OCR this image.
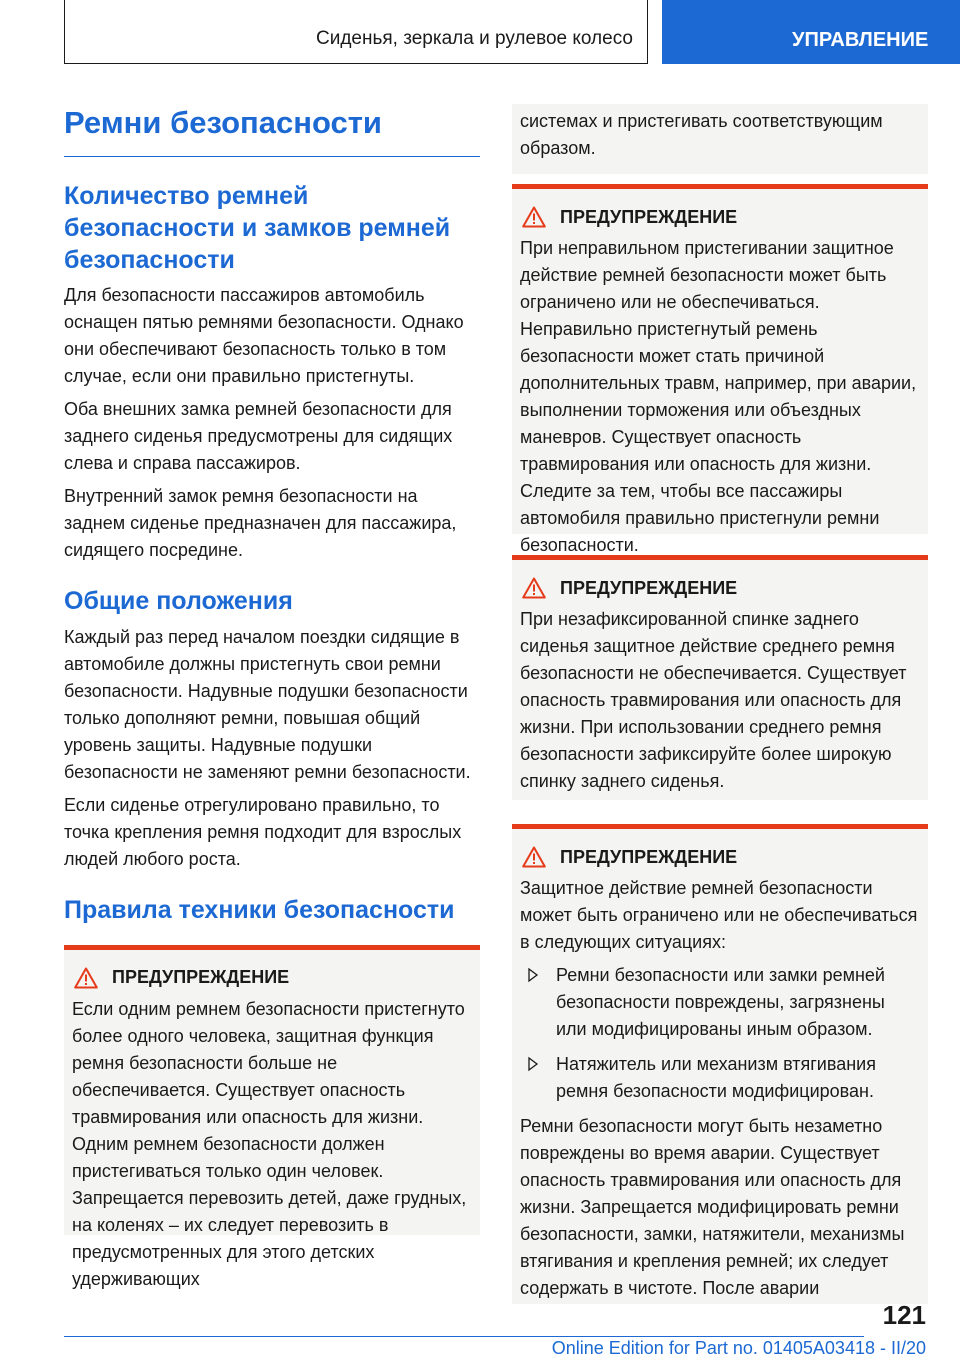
Сиденья, зеркала и рулевое колесо	УПРАВЛЕНИЕ
Ремни безопасности
Количество ремней безопасности и замков ремней безопасности

Для безопасности пассажиров автомобиль оснащен пятью ремнями безопасности. Однако они обеспечивают безопасность только в том случае, если они правильно пристегнуты.

Оба внешних замка ремней безопасности для заднего сиденья предусмотрены для сидящих слева и справа пассажиров.

Внутренний замок ремня безопасности на заднем сиденье предназначен для пассажира, сидящего посредине.

Общие положения

Каждый раз перед началом поездки сидящие в автомобиле должны пристегнуть свои ремни безопасности. Надувные подушки безопасности только дополняют ремни, повышая общий уровень защиты. Надувные подушки безопасности не заменяют ремни безопасности.

Если сиденье отрегулировано правильно, то точка крепления ремня подходит для взрослых людей любого роста.

Правила техники безопасности
ПРЕДУПРЕЖДЕНИЕ

Если одним ремнем безопасности пристегнуто более одного человека, защитная функция ремня безопасности больше не обеспечивается. Существует опасность травмирования или опасность для жизни. Одним ремнем безопасности должен пристегиваться только один человек. Запрещается перевозить детей, даже грудных, на коленях – их следует перевозить в предусмотренных для этого детских удерживающих

системах и пристегивать соответствующим образом.

ПРЕДУПРЕЖДЕНИЕ

При неправильном пристегивании защитное действие ремней безопасности может быть ограничено или не обеспечиваться. Неправильно пристегнутый ремень безопасности может стать причиной дополнительных травм, например, при аварии, выполнении торможения или объездных маневров. Существует опасность травмирования или опасность для жизни. Следите за тем, чтобы все пассажиры автомобиля правильно пристегнули ремни безопасности.

ПРЕДУПРЕЖДЕНИЕ

При незафиксированной спинке заднего сиденья защитное действие среднего ремня безопасности не обеспечивается. Существует опасность травмирования или опасность для жизни. При использовании среднего ремня безопасности зафиксируйте более широкую спинку заднего сиденья.

ПРЕДУПРЕЖДЕНИЕ

Защитное действие ремней безопасности может быть ограничено или не обеспечиваться в следующих ситуациях:

Ремни безопасности или замки ремней безопасности повреждены, загрязнены или модифицированы иным образом.
Натяжитель или механизм втягивания ремня безопасности модифицирован.

Ремни безопасности могут быть незаметно повреждены во время аварии. Существует опасность травмирования или опасность для жизни. Запрещается модифицировать ремни безопасности, замки, натяжители, механизмы втягивания и крепления ремней; их следует содержать в чистоте. После аварии

121
Online Edition for Part no. 01405A03418 - II/20
